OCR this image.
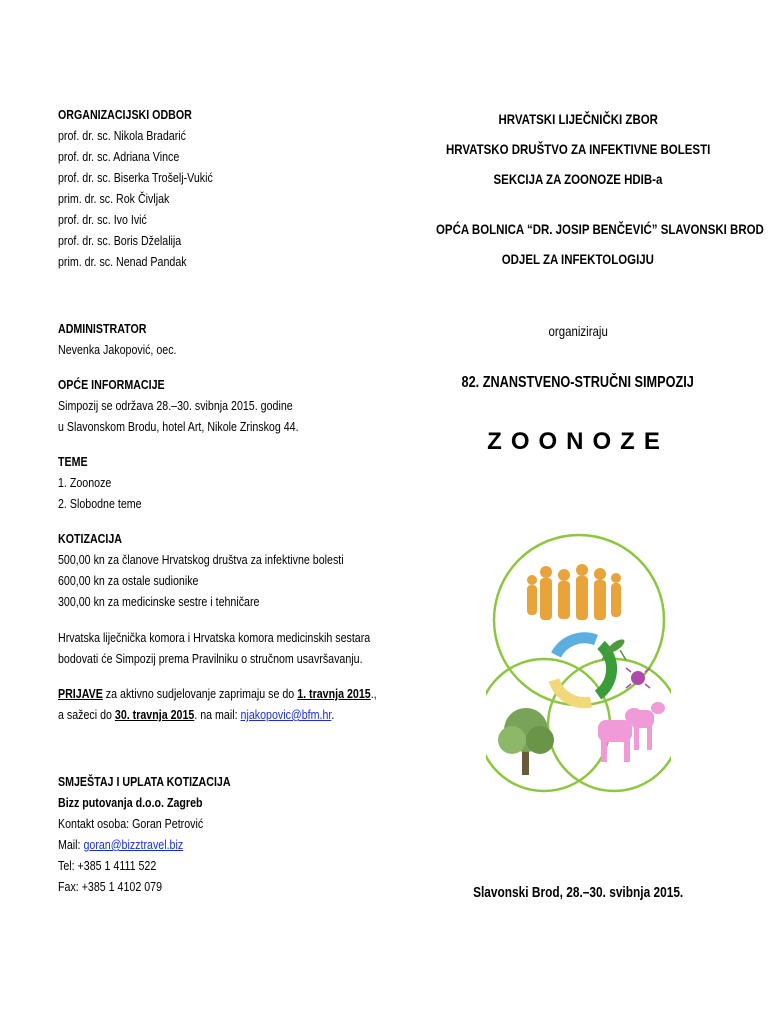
ORGANIZACIJSKI ODBOR
prof. dr. sc. Nikola Bradarić
prof. dr. sc. Adriana Vince
prof. dr. sc. Biserka Trošelj-Vukić
prim. dr. sc. Rok Čivljak
prof. dr. sc. Ivo Ivić
prof. dr. sc. Boris Dželalija
prim. dr. sc. Nenad Pandak
ADMINISTRATOR
Nevenka Jakopović, oec.
OPĆE INFORMACIJE
Simpozij se održava 28.–30. svibnja 2015. godine
u Slavonskom Brodu, hotel Art, Nikole Zrinskog 44.
TEME
1. Zoonoze
2. Slobodne teme
KOTIZACIJA
500,00 kn za članove Hrvatskog društva za infektivne bolesti
600,00 kn za ostale sudionike
300,00 kn za medicinske sestre i tehničare
Hrvatska liječnička komora i Hrvatska komora medicinskih sestara
bodovati će Simpozij prema Pravilniku o stručnom usavršavanju.
PRIJAVE za aktivno sudjelovanje zaprimaju se do 1. travnja 2015.,
a sažeci do 30. travnja 2015. na mail: njakopovic@bfm.hr.
SMJEŠTAJ I UPLATA KOTIZACIJA
Bizz putovanja d.o.o. Zagreb
Kontakt osoba: Goran Petrović
Mail: goran@bizztravel.biz
Tel: +385 1 4111 522
Fax: +385 1 4102 079
HRVATSKI LIJEČNIČKI ZBOR
HRVATSKO DRUŠTVO ZA INFEKTIVNE BOLESTI
SEKCIJA ZA ZOONOZE HDIB-a
OPĆA BOLNICA “DR. JOSIP BENČEVIĆ” SLAVONSKI BROD
ODJEL ZA INFEKTOLOGIJU
organiziraju
82. ZNANSTVENO-STRUČNI SIMPOZIJ
ZOONOZE
Slavonski Brod, 28.–30. svibnja 2015.
